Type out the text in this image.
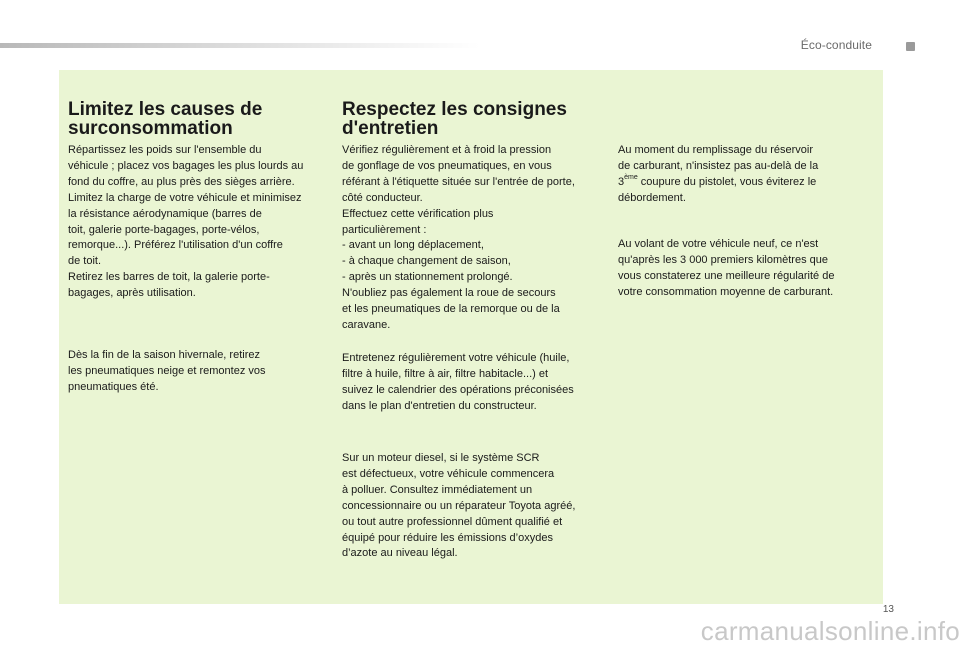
Éco-conduite
Limitez les causes de
surconsommation

Répartissez les poids sur l'ensemble du
véhicule ; placez vos bagages les plus lourds au
fond du coffre, au plus près des sièges arrière.
Limitez la charge de votre véhicule et minimisez
la résistance aérodynamique (barres de
toit, galerie porte-bagages, porte-vélos,
remorque...). Préférez l'utilisation d'un coffre
de toit.
Retirez les barres de toit, la galerie porte-
bagages, après utilisation.

Dès la fin de la saison hivernale, retirez
les pneumatiques neige et remontez vos
pneumatiques été.

Respectez les consignes
d'entretien

Vérifiez régulièrement et à froid la pression
de gonflage de vos pneumatiques, en vous
référant à l'étiquette située sur l'entrée de porte,
côté conducteur.
Effectuez cette vérification plus
particulièrement :
- avant un long déplacement,
- à chaque changement de saison,
- après un stationnement prolongé.
N'oubliez pas également la roue de secours
et les pneumatiques de la remorque ou de la
caravane.

Entretenez régulièrement votre véhicule (huile,
filtre à huile, filtre à air, filtre habitacle...) et
suivez le calendrier des opérations préconisées
dans le plan d'entretien du constructeur.

Sur un moteur diesel, si le système SCR
est défectueux, votre véhicule commencera
à polluer. Consultez immédiatement un
concessionnaire ou un réparateur Toyota agréé,
ou tout autre professionnel dûment qualifié et
équipé pour réduire les émissions d’oxydes
d’azote au niveau légal.

Au moment du remplissage du réservoir
de carburant, n'insistez pas au-delà de la
3ème coupure du pistolet, vous éviterez le
débordement.

Au volant de votre véhicule neuf, ce n'est
qu'après les 3 000 premiers kilomètres que
vous constaterez une meilleure régularité de
votre consommation moyenne de carburant.

13
carmanualsonline.info
